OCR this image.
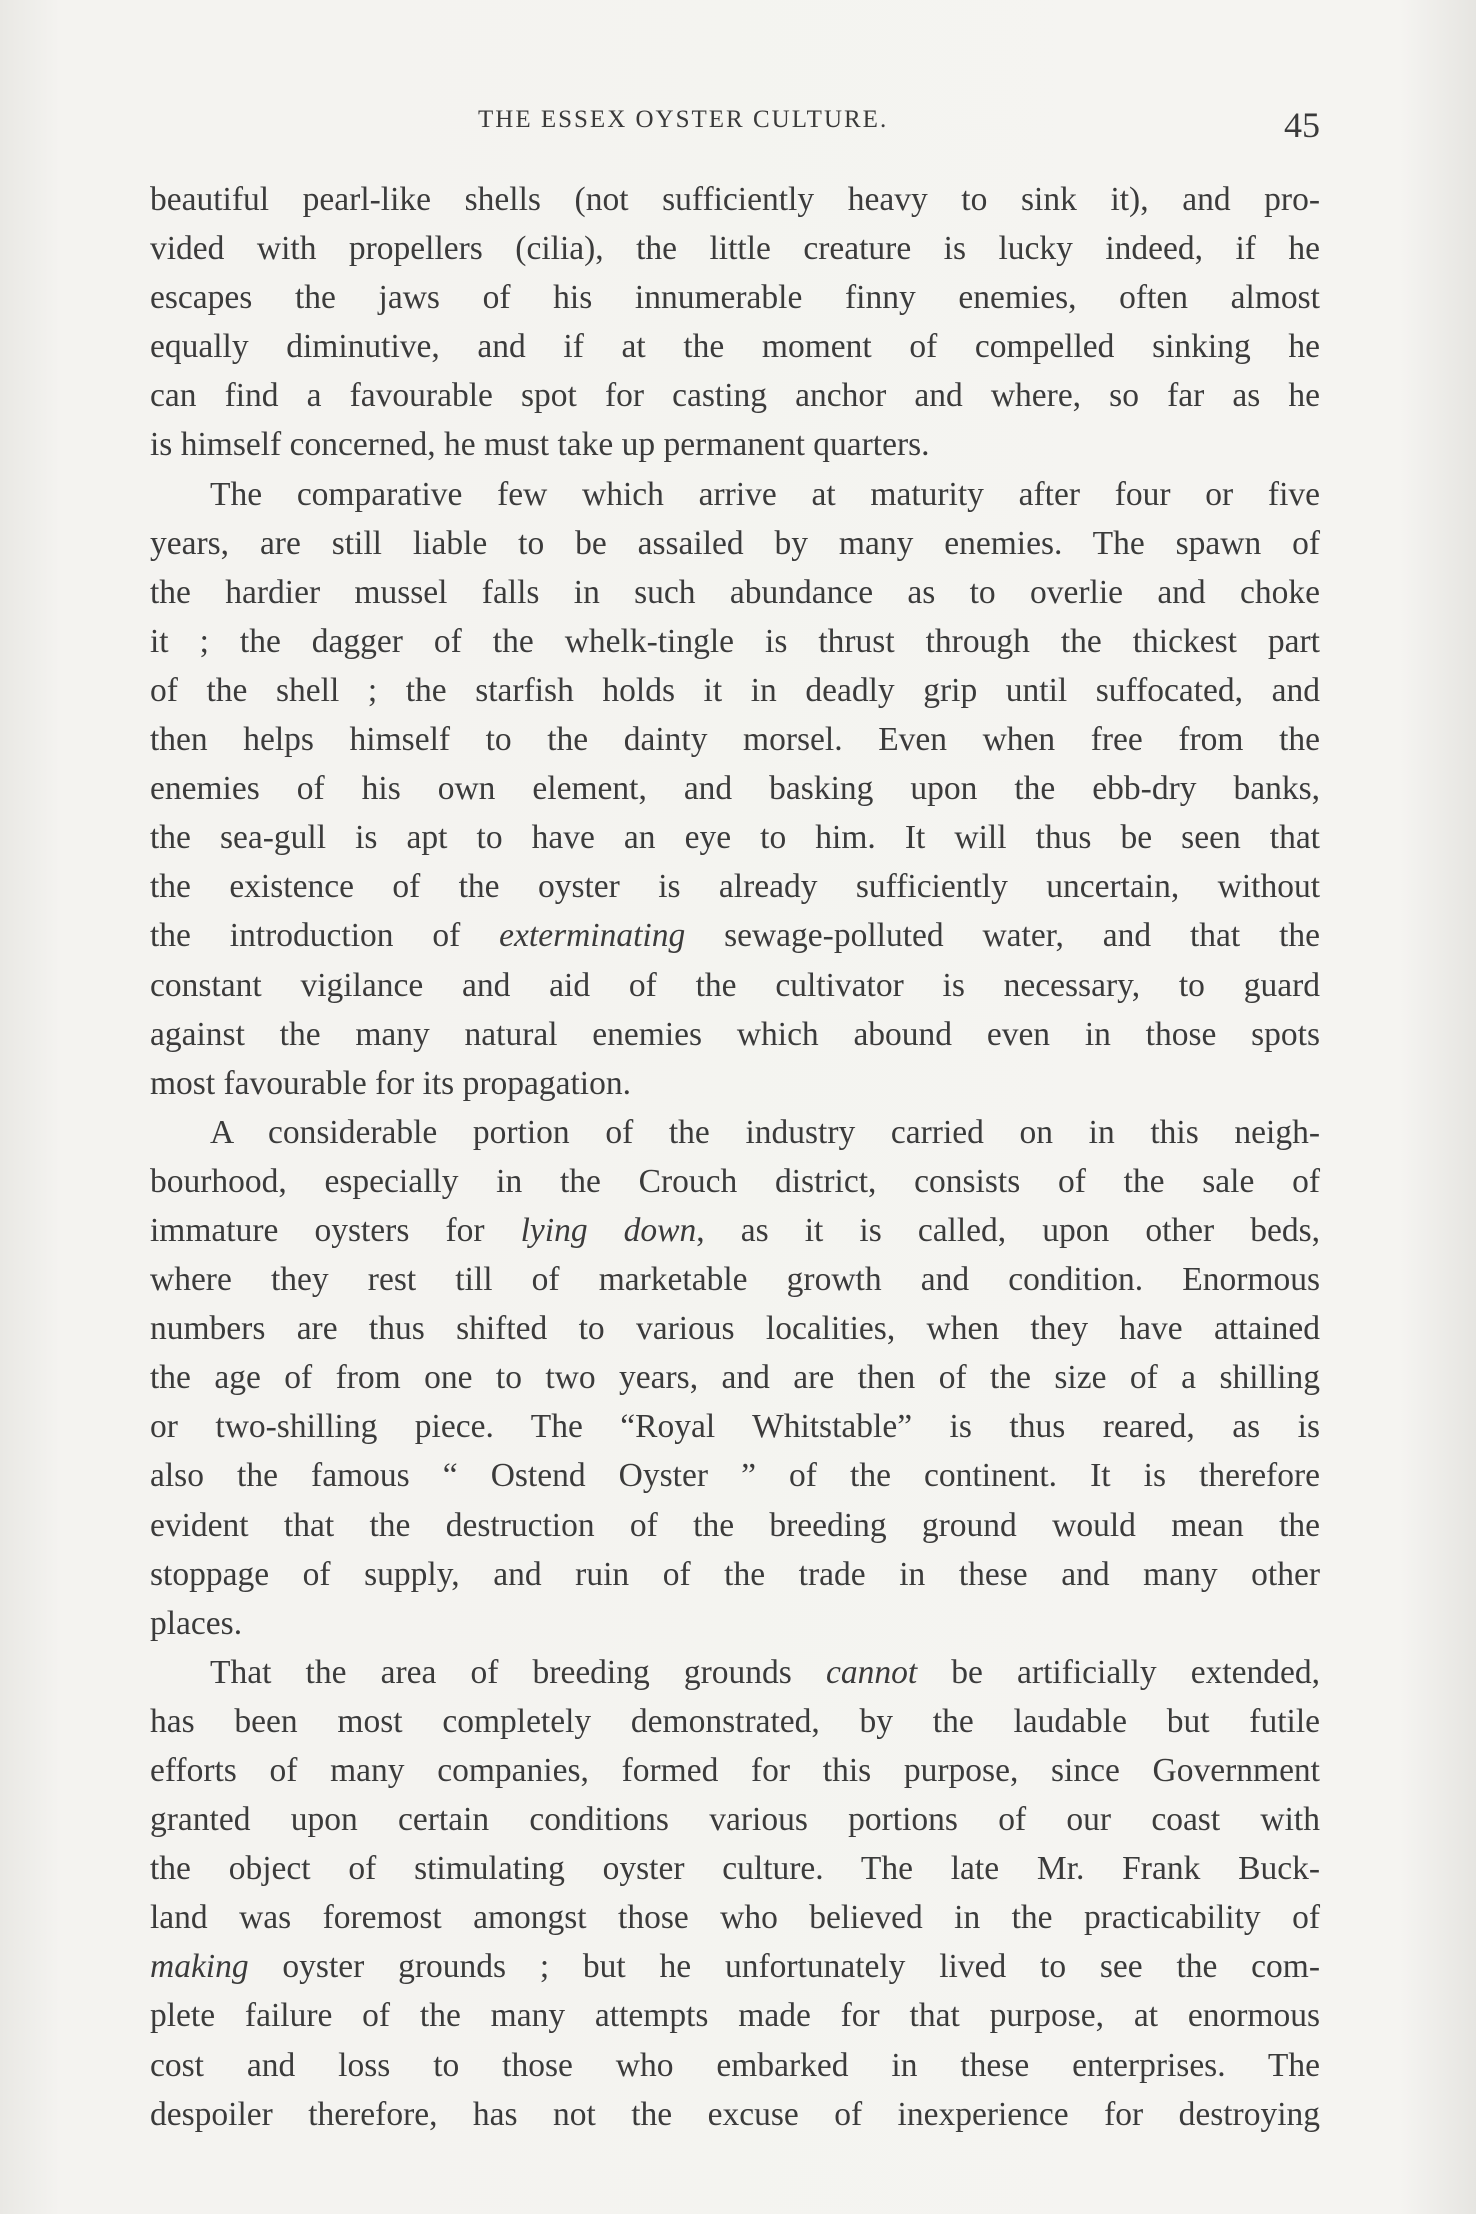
THE ESSEX OYSTER CULTURE.	45
beautiful pearl-like shells (not sufficiently heavy to sink it), and pro-
vided with propellers (cilia), the little creature is lucky indeed, if he
escapes the jaws of his innumerable finny enemies, often almost
equally diminutive, and if at the moment of compelled sinking he
can find a favourable spot for casting anchor and where, so far as he
is himself concerned, he must take up permanent quarters.
The comparative few which arrive at maturity after four or five
years, are still liable to be assailed by many enemies. The spawn of
the hardier mussel falls in such abundance as to overlie and choke
it ; the dagger of the whelk-tingle is thrust through the thickest part
of the shell ; the starfish holds it in deadly grip until suffocated, and
then helps himself to the dainty morsel. Even when free from the
enemies of his own element, and basking upon the ebb-dry banks,
the sea-gull is apt to have an eye to him. It will thus be seen that
the existence of the oyster is already sufficiently uncertain, without
the introduction of exterminating sewage-polluted water, and that the
constant vigilance and aid of the cultivator is necessary, to guard
against the many natural enemies which abound even in those spots
most favourable for its propagation.
A considerable portion of the industry carried on in this neigh-
bourhood, especially in the Crouch district, consists of the sale of
immature oysters for lying down, as it is called, upon other beds,
where they rest till of marketable growth and condition. Enormous
numbers are thus shifted to various localities, when they have attained
the age of from one to two years, and are then of the size of a shilling
or two-shilling piece. The “Royal Whitstable” is thus reared, as is
also the famous “ Ostend Oyster ” of the continent. It is therefore
evident that the destruction of the breeding ground would mean the
stoppage of supply, and ruin of the trade in these and many other
places.
That the area of breeding grounds cannot be artificially extended,
has been most completely demonstrated, by the laudable but futile
efforts of many companies, formed for this purpose, since Government
granted upon certain conditions various portions of our coast with
the object of stimulating oyster culture. The late Mr. Frank Buck-
land was foremost amongst those who believed in the practicability of
making oyster grounds ; but he unfortunately lived to see the com-
plete failure of the many attempts made for that purpose, at enormous
cost and loss to those who embarked in these enterprises. The
despoiler therefore, has not the excuse of inexperience for destroying
